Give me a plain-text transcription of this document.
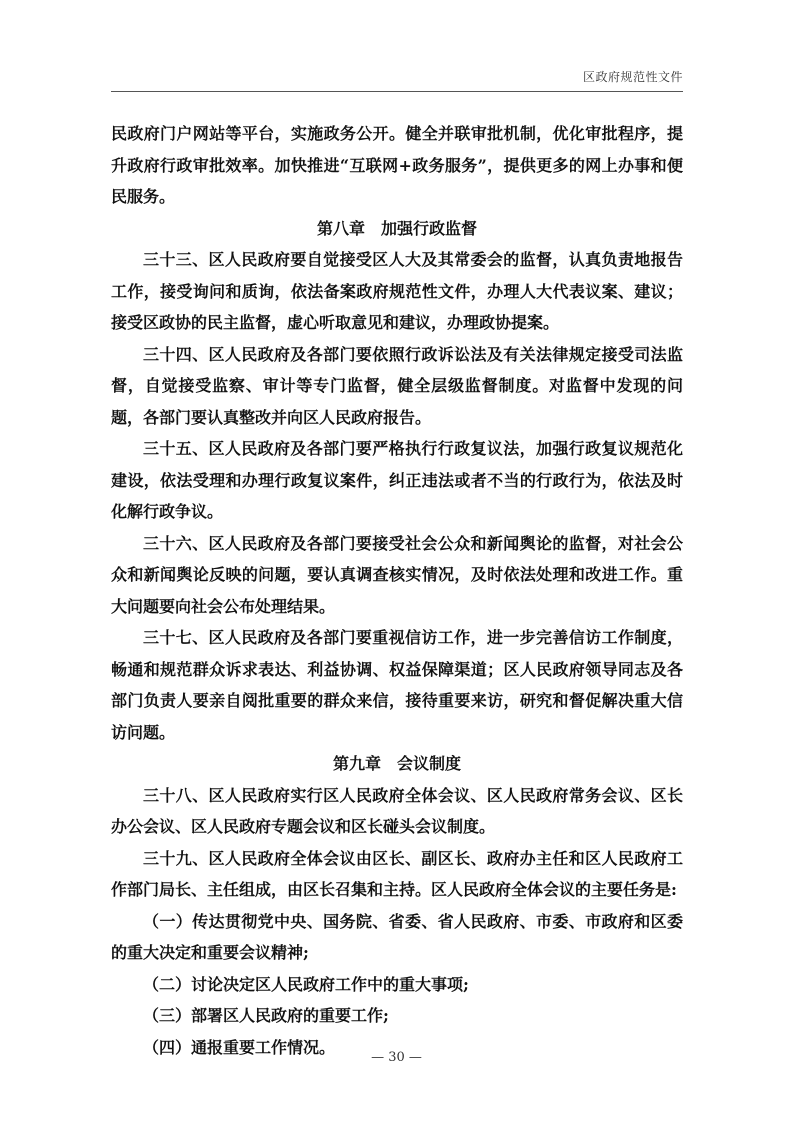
区政府规范性文件

民政府门户网站等平台，实施政务公开。健全并联审批机制，优化审批程序，提升政府行政审批效率。加快推进“互联网+政务服务”，提供更多的网上办事和便民服务。

第八章　加强行政监督

三十三、区人民政府要自觉接受区人大及其常委会的监督，认真负责地报告工作，接受询问和质询，依法备案政府规范性文件，办理人大代表议案、建议；接受区政协的民主监督，虚心听取意见和建议，办理政协提案。

三十四、区人民政府及各部门要依照行政诉讼法及有关法律规定接受司法监督，自觉接受监察、审计等专门监督，健全层级监督制度。对监督中发现的问题，各部门要认真整改并向区人民政府报告。

三十五、区人民政府及各部门要严格执行行政复议法，加强行政复议规范化建设，依法受理和办理行政复议案件，纠正违法或者不当的行政行为，依法及时化解行政争议。

三十六、区人民政府及各部门要接受社会公众和新闻舆论的监督，对社会公众和新闻舆论反映的问题，要认真调查核实情况，及时依法处理和改进工作。重大问题要向社会公布处理结果。

三十七、区人民政府及各部门要重视信访工作，进一步完善信访工作制度，畅通和规范群众诉求表达、利益协调、权益保障渠道；区人民政府领导同志及各部门负责人要亲自阅批重要的群众来信，接待重要来访，研究和督促解决重大信访问题。

第九章　会议制度

三十八、区人民政府实行区人民政府全体会议、区人民政府常务会议、区长办公会议、区人民政府专题会议和区长碰头会议制度。

三十九、区人民政府全体会议由区长、副区长、政府办主任和区人民政府工作部门局长、主任组成，由区长召集和主持。区人民政府全体会议的主要任务是:

（一）传达贯彻党中央、国务院、省委、省人民政府、市委、市政府和区委的重大决定和重要会议精神;

（二）讨论决定区人民政府工作中的重大事项;

（三）部署区人民政府的重要工作;

（四）通报重要工作情况。

— 30 —
